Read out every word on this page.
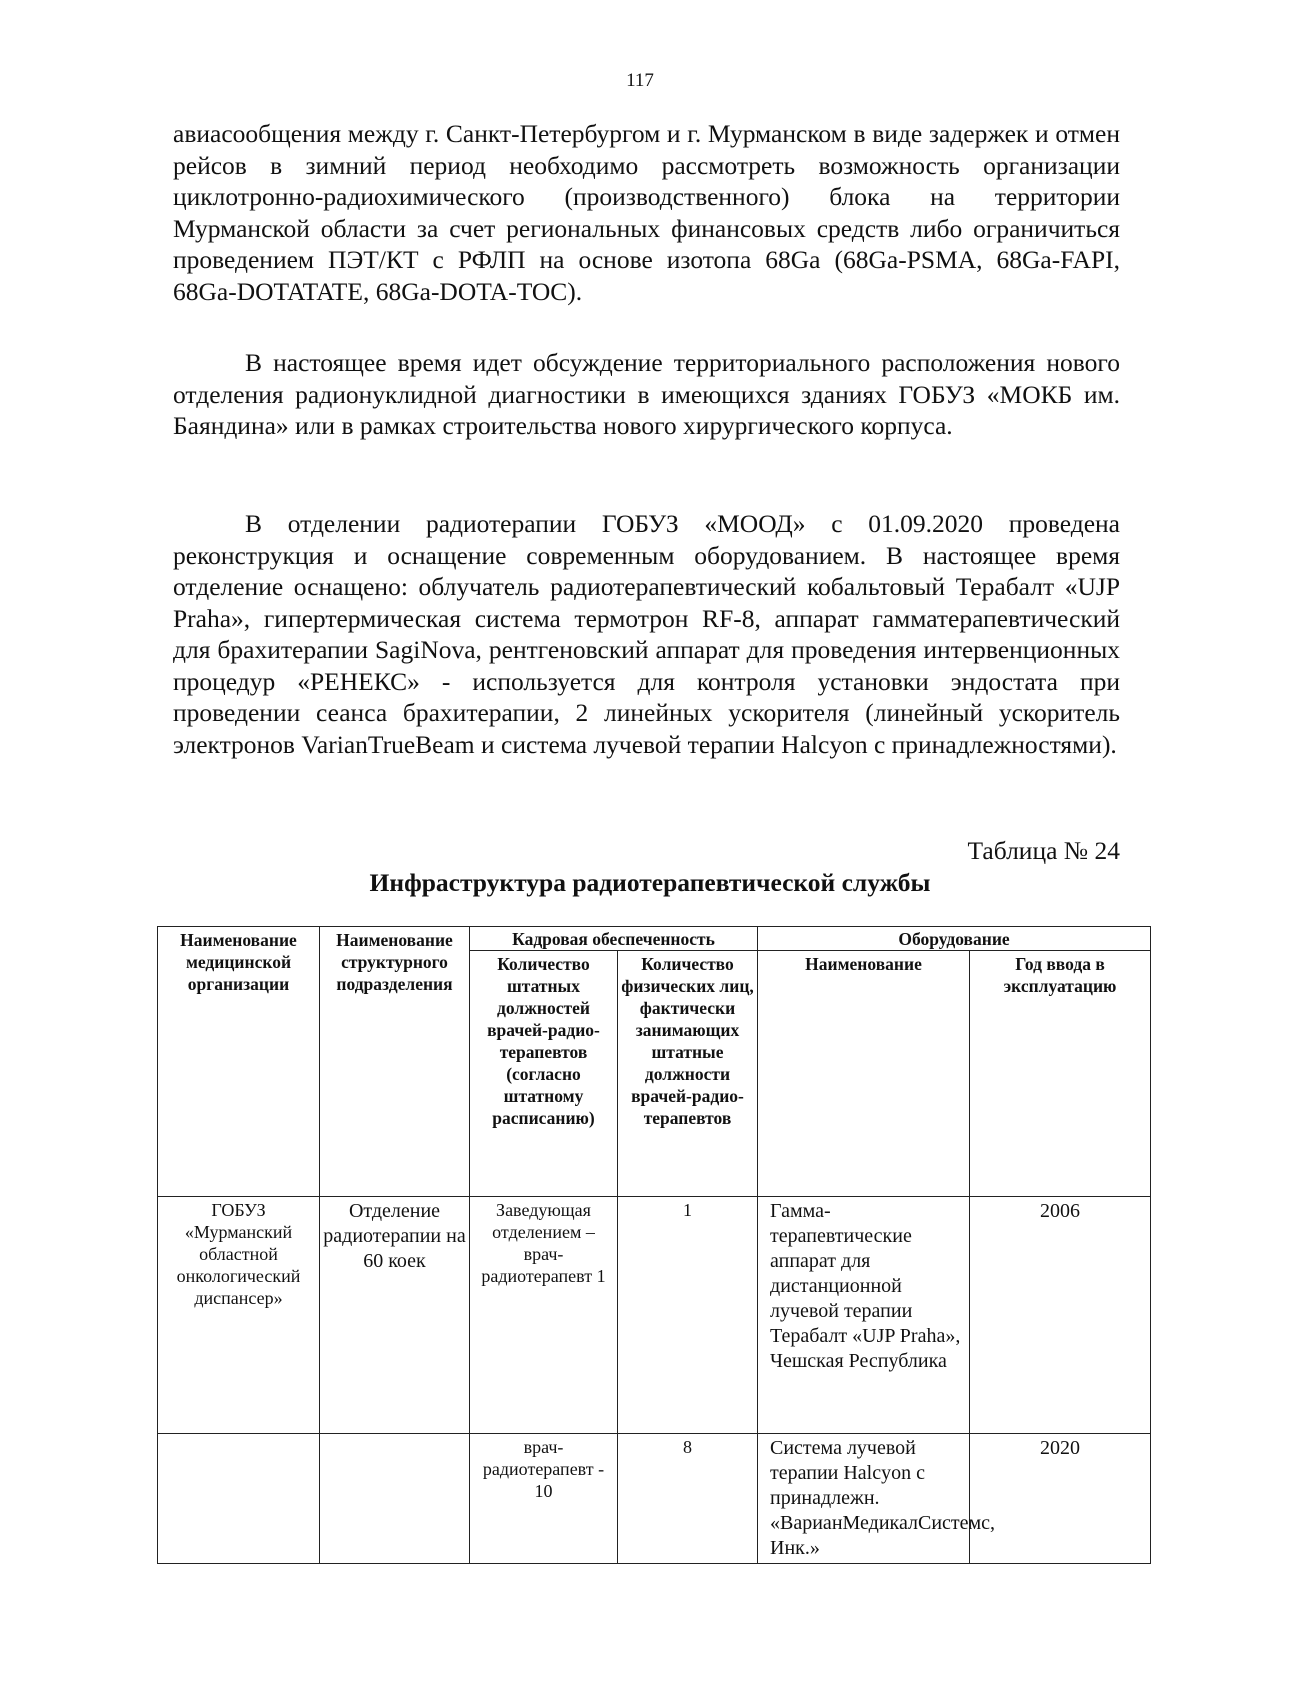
117

авиасообщения между г. Санкт-Петербургом и г. Мурманском в виде задержек и отмен рейсов в зимний период необходимо рассмотреть возможность организации циклотронно-радиохимического (производственного) блока на территории Мурманской области за счет региональных финансовых средств либо ограничиться проведением ПЭТ/КТ с РФЛП на основе изотопа 68Ga (68Ga-PSMA, 68Ga-FAPI, 68Ga-DOTATATE, 68Ga-DOTA-TOC).

В настоящее время идет обсуждение территориального расположения нового отделения радионуклидной диагностики в имеющихся зданиях ГОБУЗ «МОКБ им. Баяндина» или в рамках строительства нового хирургического корпуса.

В отделении радиотерапии ГОБУЗ «МООД» с 01.09.2020 проведена реконструкция и оснащение современным оборудованием. В настоящее время отделение оснащено: облучатель радиотерапевтический кобальтовый Терабалт «UJP Praha», гипертермическая система термотрон RF-8, аппарат гамматерапевтический для брахитерапии SagiNova, рентгеновский аппарат для проведения интервенционных процедур «РЕНЕКС» - используется для контроля установки эндостата при проведении сеанса брахитерапии, 2 линейных ускорителя (линейный ускоритель электронов VarianTrueBeam и система лучевой терапии Halcyon с принадлежностями).

Таблица № 24
Инфраструктура радиотерапевтической службы
Наименование медицинской организации	Наименование структурного подразделения	Кадровая обеспеченность		Оборудование	
		Количество штатных должностей врачей-радио-терапевтов (согласно штатному расписанию)	Количество физических лиц, фактически занимающих штатные должности врачей-радио-терапевтов	Наименование	Год ввода в эксплуатацию
ГОБУЗ «Мурманский областной онкологический диспансер»	Отделение радиотерапии на 60 коек	Заведующая отделением – врач-радиотерапевт 1	1	Гамма-терапевтические аппарат для дистанционной лучевой терапии Терабалт «UJP Praha», Чешская Республика	2006
		врач-радиотерапевт - 10	8	Система лучевой терапии Halcyon с принадлежн. «ВарианМедикалСистемс, Инк.»	2020
